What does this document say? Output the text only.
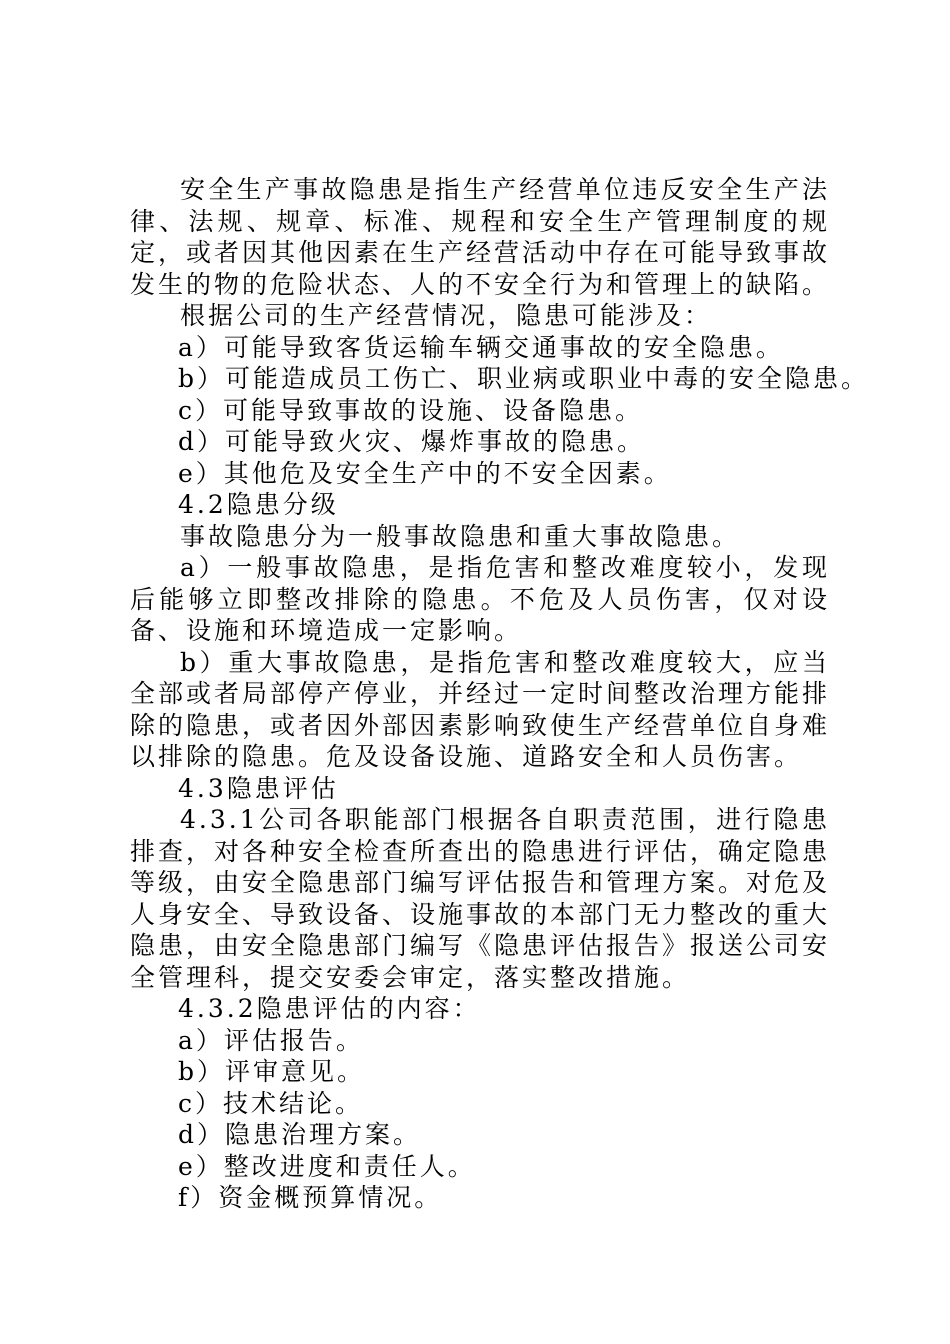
安全生产事故隐患是指生产经营单位违反安全生产法律、法规、规章、标准、规程和安全生产管理制度的规定，或者因其他因素在生产经营活动中存在可能导致事故发生的物的危险状态、人的不安全行为和管理上的缺陷。

根据公司的生产经营情况，隐患可能涉及：

a）可能导致客货运输车辆交通事故的安全隐患。

b）可能造成员工伤亡、职业病或职业中毒的安全隐患。

c）可能导致事故的设施、设备隐患。

d）可能导致火灾、爆炸事故的隐患。

e）其他危及安全生产中的不安全因素。

4.2隐患分级

事故隐患分为一般事故隐患和重大事故隐患。

a）一般事故隐患，是指危害和整改难度较小，发现后能够立即整改排除的隐患。不危及人员伤害，仅对设备、设施和环境造成一定影响。

b）重大事故隐患，是指危害和整改难度较大，应当全部或者局部停产停业，并经过一定时间整改治理方能排除的隐患，或者因外部因素影响致使生产经营单位自身难以排除的隐患。危及设备设施、道路安全和人员伤害。

4.3隐患评估

4.3.1公司各职能部门根据各自职责范围，进行隐患排查，对各种安全检查所查出的隐患进行评估，确定隐患等级，由安全隐患部门编写评估报告和管理方案。对危及人身安全、导致设备、设施事故的本部门无力整改的重大隐患，由安全隐患部门编写《隐患评估报告》报送公司安全管理科，提交安委会审定，落实整改措施。

4.3.2隐患评估的内容：

a）评估报告。

b）评审意见。

c）技术结论。

d）隐患治理方案。

e）整改进度和责任人。

f）资金概预算情况。
